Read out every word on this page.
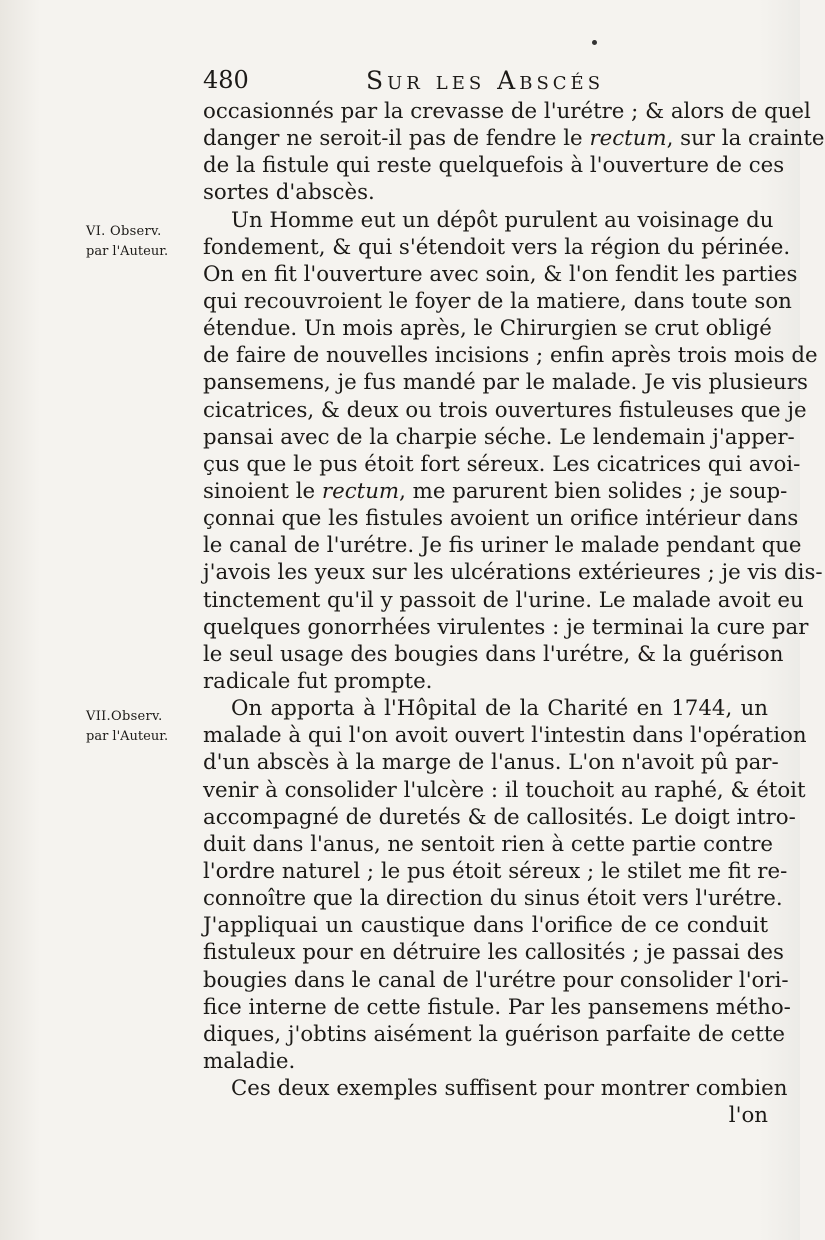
480	Sur les Abscés
VI. Observ.
par l'Auteur.
VII.Observ.
par l'Auteur.

occasionnés par la crevasse de l'urétre ; & alors de quel
danger ne seroit-il pas de fendre le rectum, sur la crainte
de la fistule qui reste quelquefois à l'ouverture de ces
sortes d'abscès.

Un Homme eut un dépôt purulent au voisinage du
fondement, & qui s'étendoit vers la région du périnée.
On en fit l'ouverture avec soin, & l'on fendit les parties
qui recouvroient le foyer de la matiere, dans toute son
étendue. Un mois après, le Chirurgien se crut obligé
de faire de nouvelles incisions ; enfin après trois mois de
pansemens, je fus mandé par le malade. Je vis plusieurs
cicatrices, & deux ou trois ouvertures fistuleuses que je
pansai avec de la charpie séche. Le lendemain j'apper-
çus que le pus étoit fort séreux. Les cicatrices qui avoi-
sinoient le rectum, me parurent bien solides ; je soup-
çonnai que les fistules avoient un orifice intérieur dans
le canal de l'urétre. Je fis uriner le malade pendant que
j'avois les yeux sur les ulcérations extérieures ; je vis dis-
tinctement qu'il y passoit de l'urine. Le malade avoit eu
quelques gonorrhées virulentes : je terminai la cure par
le seul usage des bougies dans l'urétre, & la guérison
radicale fut prompte.

On apporta à l'Hôpital de la Charité en 1744, un
malade à qui l'on avoit ouvert l'intestin dans l'opération
d'un abscès à la marge de l'anus. L'on n'avoit pû par-
venir à consolider l'ulcère : il touchoit au raphé, & étoit
accompagné de duretés & de callosités. Le doigt intro-
duit dans l'anus, ne sentoit rien à cette partie contre
l'ordre naturel ; le pus étoit séreux ; le stilet me fit re-
connoître que la direction du sinus étoit vers l'urétre.
J'appliquai un caustique dans l'orifice de ce conduit
fistuleux pour en détruire les callosités ; je passai des
bougies dans le canal de l'urétre pour consolider l'ori-
fice interne de cette fistule. Par les pansemens métho-
diques, j'obtins aisément la guérison parfaite de cette
maladie.

Ces deux exemples suffisent pour montrer combien

l'on
